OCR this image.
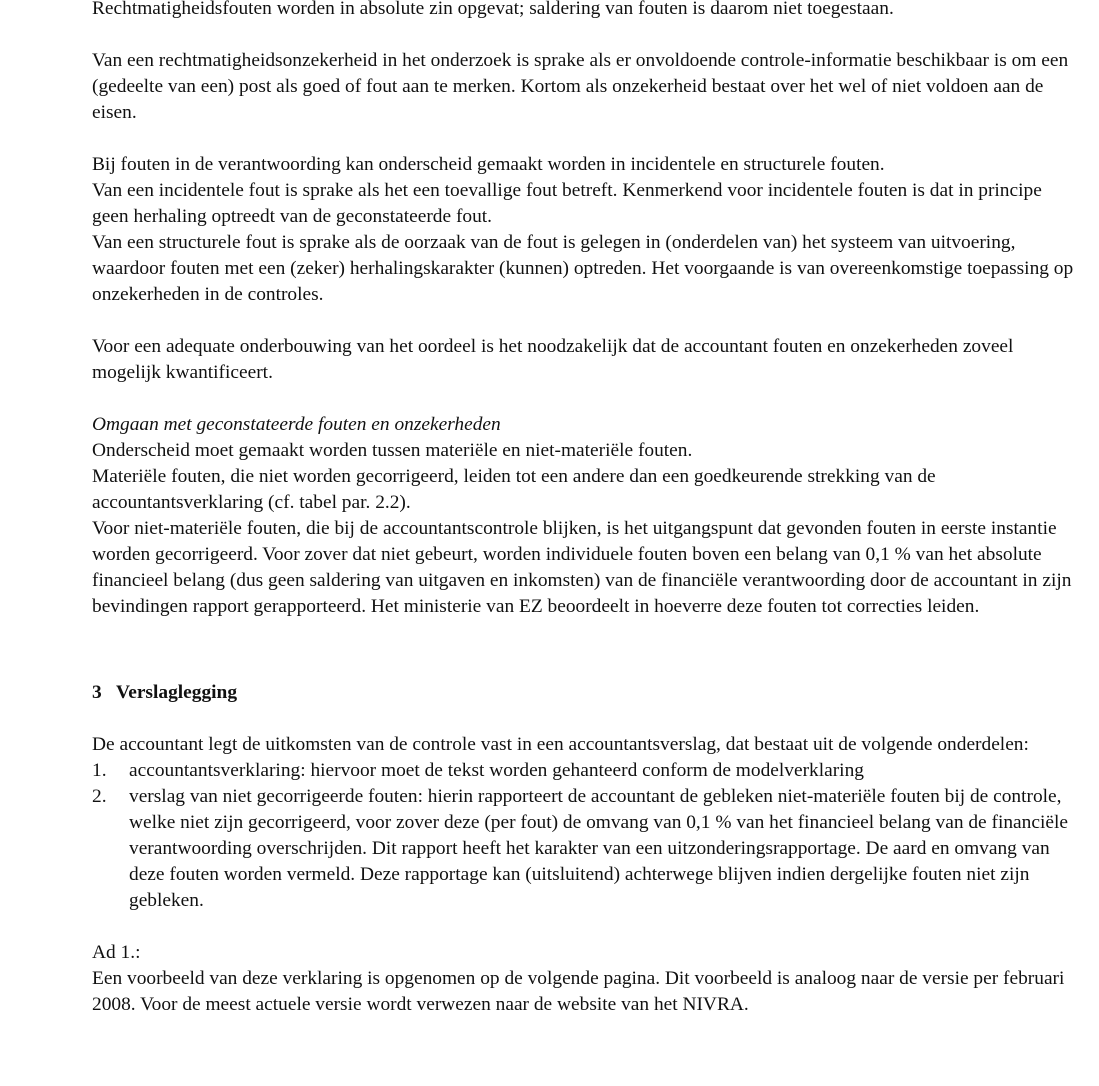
Rechtmatigheidsfouten worden in absolute zin opgevat; saldering van fouten is daarom niet toegestaan.

Van een rechtmatigheidsonzekerheid in het onderzoek is sprake als er onvoldoende controle-informatie beschikbaar is om een (gedeelte van een) post als goed of fout aan te merken. Kortom als onzekerheid bestaat over het wel of niet voldoen aan de eisen.

Bij fouten in de verantwoording kan onderscheid gemaakt worden in incidentele en structurele fouten.

Van een incidentele fout is sprake als het een toevallige fout betreft. Kenmerkend voor incidentele fouten is dat in principe geen herhaling optreedt van de geconstateerde fout.

Van een structurele fout is sprake als de oorzaak van de fout is gelegen in (onderdelen van) het systeem van uitvoering, waardoor fouten met een (zeker) herhalingskarakter (kunnen) optreden. Het voorgaande is van overeenkomstige toepassing op onzekerheden in de controles.

Voor een adequate onderbouwing van het oordeel is het noodzakelijk dat de accountant fouten en onzekerheden zoveel mogelijk kwantificeert.

Omgaan met geconstateerde fouten en onzekerheden

Onderscheid moet gemaakt worden tussen materiële en niet-materiële fouten.

Materiële fouten, die niet worden gecorrigeerd, leiden tot een andere dan een goedkeurende strekking van de accountantsverklaring (cf. tabel par. 2.2).

Voor niet-materiële fouten, die bij de accountantscontrole blijken, is het uitgangspunt dat gevonden fouten in eerste instantie worden gecorrigeerd. Voor zover dat niet gebeurt, worden individuele fouten boven een belang van 0,1 % van het absolute financieel belang (dus geen saldering van uitgaven en inkomsten) van de financiële verantwoording door de accountant in zijn bevindingen rapport gerapporteerd. Het ministerie van EZ beoordeelt in hoeverre deze fouten tot correcties leiden.

3 Verslaglegging

De accountant legt de uitkomsten van de controle vast in een accountantsverslag, dat bestaat uit de volgende onderdelen:

1. accountantsverklaring: hiervoor moet de tekst worden gehanteerd conform de modelverklaring
2. verslag van niet gecorrigeerde fouten: hierin rapporteert de accountant de gebleken niet-materiële fouten bij de controle, welke niet zijn gecorrigeerd, voor zover deze (per fout) de omvang van 0,1 % van het financieel belang van de financiële verantwoording overschrijden. Dit rapport heeft het karakter van een uitzonderingsrapportage. De aard en omvang van deze fouten worden vermeld. Deze rapportage kan (uitsluitend) achterwege blijven indien dergelijke fouten niet zijn gebleken.

Ad 1.:

Een voorbeeld van deze verklaring is opgenomen op de volgende pagina. Dit voorbeeld is analoog naar de versie per februari 2008. Voor de meest actuele versie wordt verwezen naar de website van het NIVRA.
